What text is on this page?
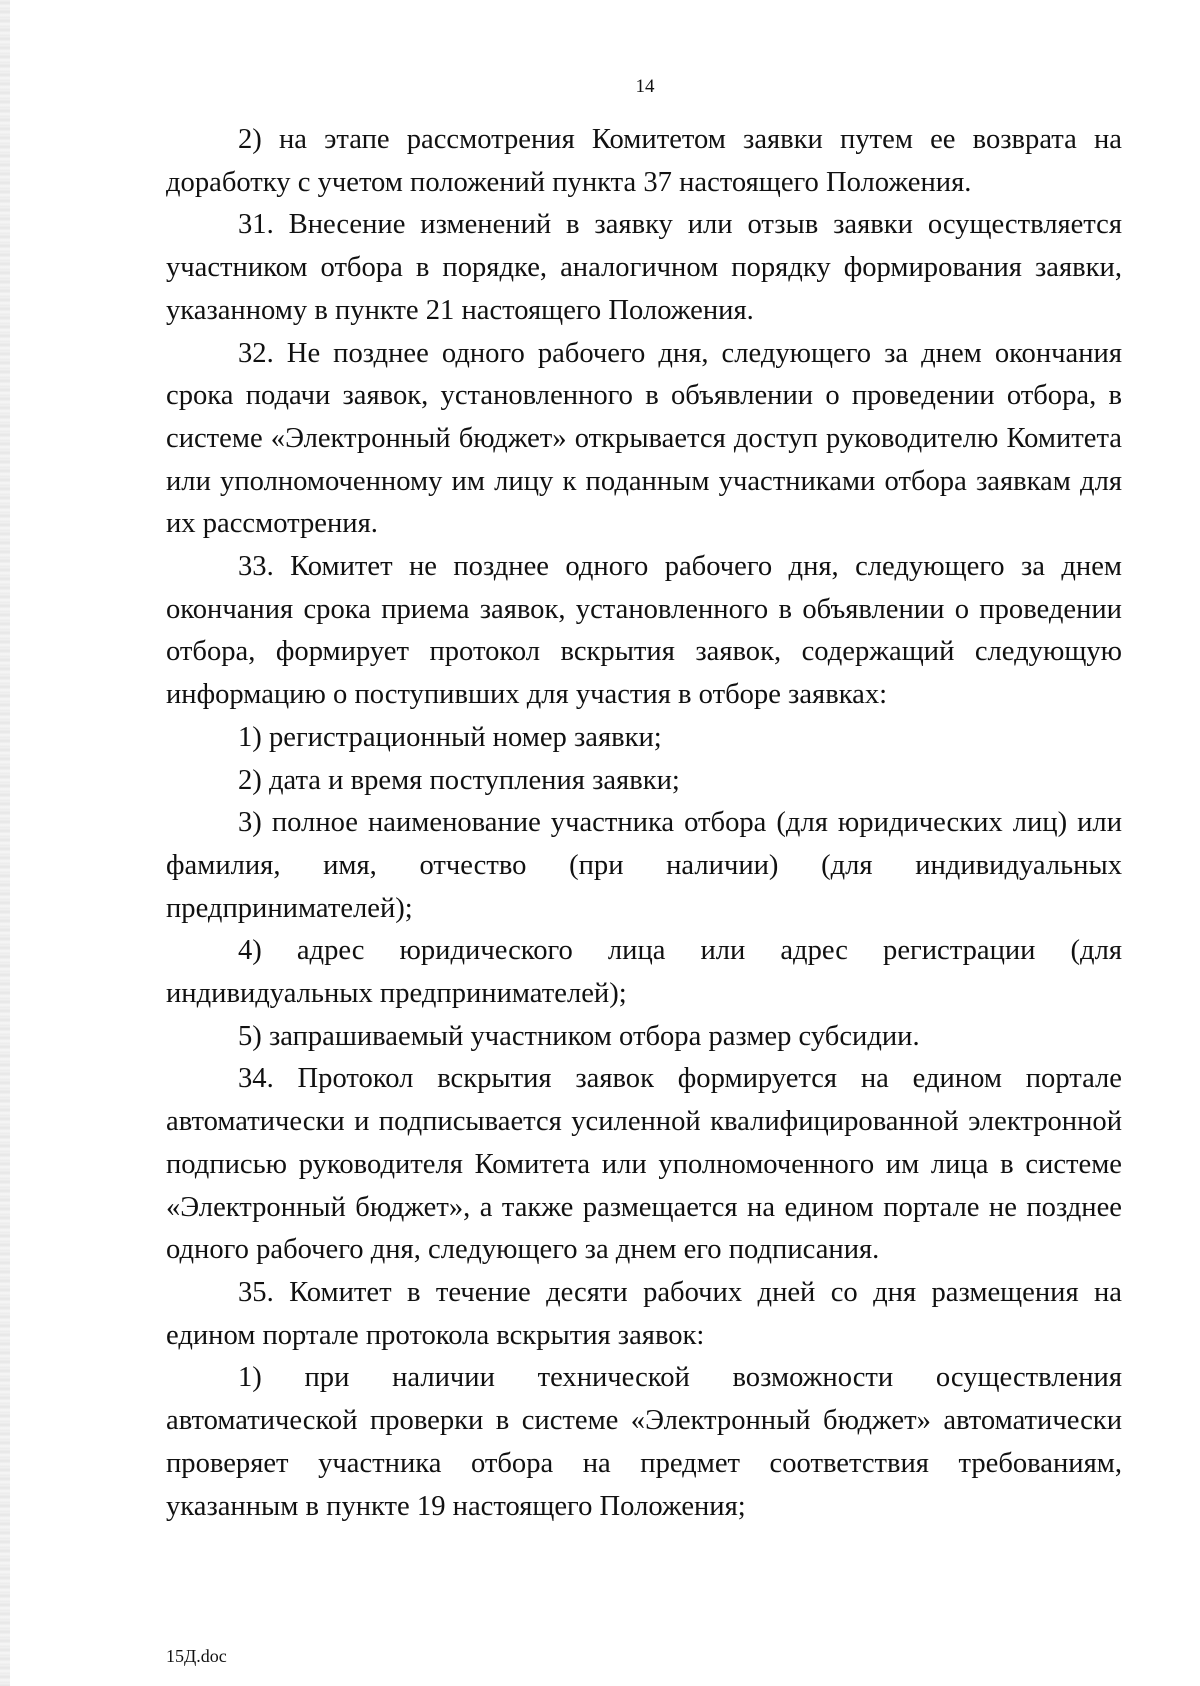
14

2) на этапе рассмотрения Комитетом заявки путем ее возврата на доработку с учетом положений пункта 37 настоящего Положения.

31. Внесение изменений в заявку или отзыв заявки осуществляется участником отбора в порядке, аналогичном порядку формирования заявки, указанному в пункте 21 настоящего Положения.

32. Не позднее одного рабочего дня, следующего за днем окончания срока подачи заявок, установленного в объявлении о проведении отбора, в системе «Электронный бюджет» открывается доступ руководителю Комитета или уполномоченному им лицу к поданным участниками отбора заявкам для их рассмотрения.

33. Комитет не позднее одного рабочего дня, следующего за днем окончания срока приема заявок, установленного в объявлении о проведении отбора, формирует протокол вскрытия заявок, содержащий следующую информацию о поступивших для участия в отборе заявках:

1) регистрационный номер заявки;

2) дата и время поступления заявки;

3) полное наименование участника отбора (для юридических лиц) или фамилия, имя, отчество (при наличии) (для индивидуальных предпринимателей);

4) адрес юридического лица или адрес регистрации (для индивидуальных предпринимателей);

5) запрашиваемый участником отбора размер субсидии.

34. Протокол вскрытия заявок формируется на едином портале автоматически и подписывается усиленной квалифицированной электронной подписью руководителя Комитета или уполномоченного им лица в системе «Электронный бюджет», а также размещается на едином портале не позднее одного рабочего дня, следующего за днем его подписания.

35. Комитет в течение десяти рабочих дней со дня размещения на едином портале протокола вскрытия заявок:

1) при наличии технической возможности осуществления автоматической проверки в системе «Электронный бюджет» автоматически проверяет участника отбора на предмет соответствия требованиям, указанным в пункте 19 настоящего Положения;

15Д.doc
